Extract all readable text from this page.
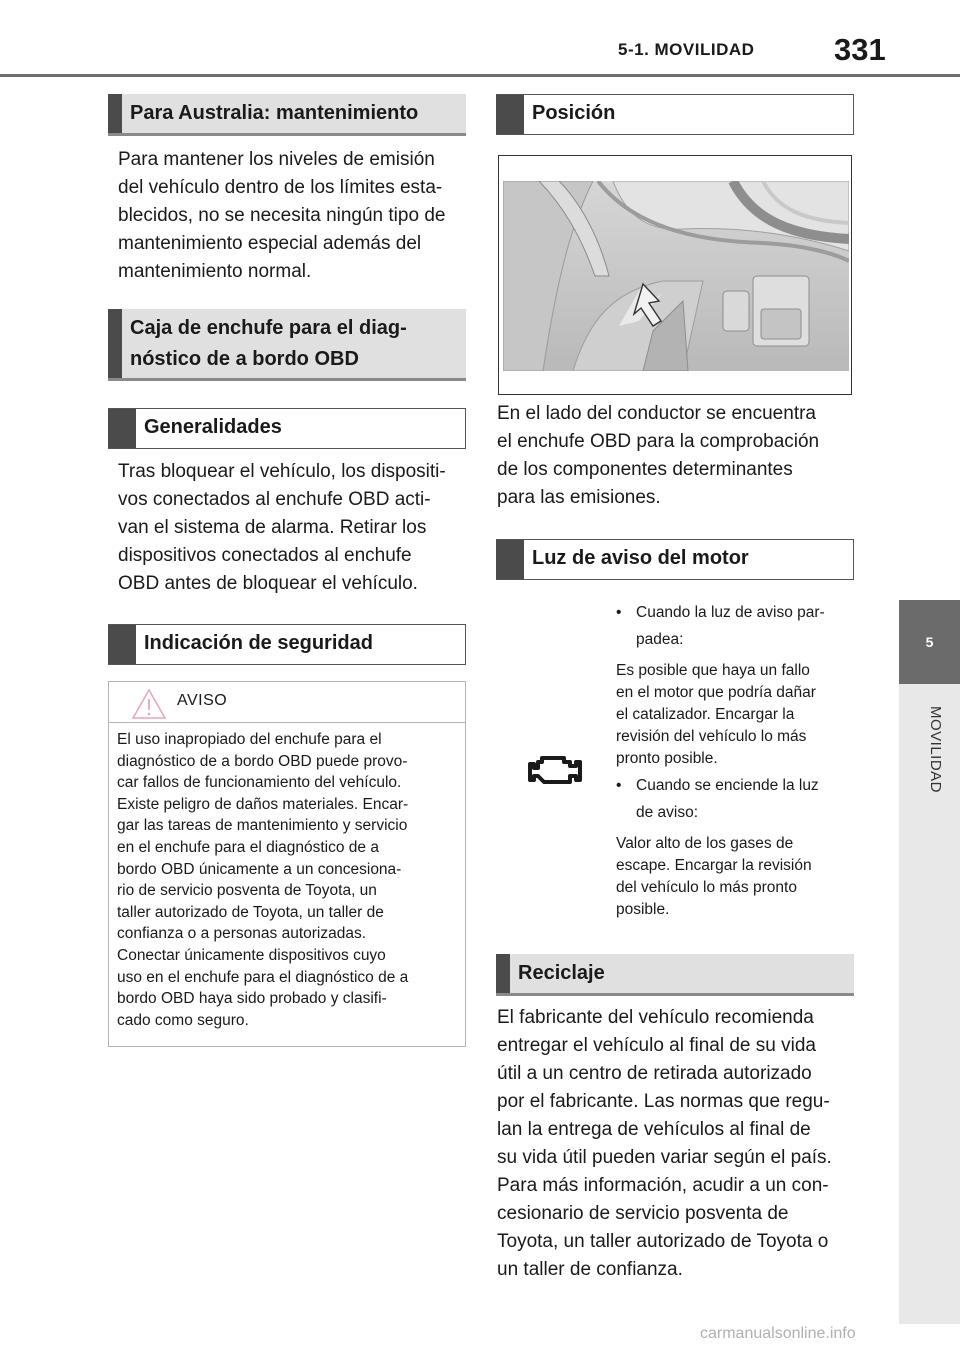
5-1. MOVILIDAD	331
5
MOVILIDAD
Para Australia: mantenimiento

Para mantener los niveles de emisión

del vehículo dentro de los límites esta-

blecidos, no se necesita ningún tipo de

mantenimiento especial además del

mantenimiento normal.

Caja de enchufe para el diag-
nóstico de a bordo OBD
Generalidades

Tras bloquear el vehículo, los dispositi-

vos conectados al enchufe OBD acti-

van el sistema de alarma. Retirar los

dispositivos conectados al enchufe

OBD antes de bloquear el vehículo.

Indicación de seguridad
AVISO
El uso inapropiado del enchufe para el
diagnóstico de a bordo OBD puede provo-
car fallos de funcionamiento del vehículo.
Existe peligro de daños materiales. Encar-
gar las tareas de mantenimiento y servicio
en el enchufe para el diagnóstico de a
bordo OBD únicamente a un concesiona-
rio de servicio posventa de Toyota, un
taller autorizado de Toyota, un taller de
confianza o a personas autorizadas.
Conectar únicamente dispositivos cuyo
uso en el enchufe para el diagnóstico de a
bordo OBD haya sido probado y clasifi-
cado como seguro.
Posición

En el lado del conductor se encuentra

el enchufe OBD para la comprobación

de los componentes determinantes

para las emisiones.

Luz de aviso del motor
• Cuando la luz de aviso par-
padea:
Es posible que haya un fallo
en el motor que podría dañar
el catalizador. Encargar la
revisión del vehículo lo más
pronto posible.
• Cuando se enciende la luz
de aviso:
Valor alto de los gases de
escape. Encargar la revisión
del vehículo lo más pronto
posible.
Reciclaje

El fabricante del vehículo recomienda

entregar el vehículo al final de su vida

útil a un centro de retirada autorizado

por el fabricante. Las normas que regu-

lan la entrega de vehículos al final de

su vida útil pueden variar según el país.

Para más información, acudir a un con-

cesionario de servicio posventa de

Toyota, un taller autorizado de Toyota o

un taller de confianza.

carmanualsonline.info
